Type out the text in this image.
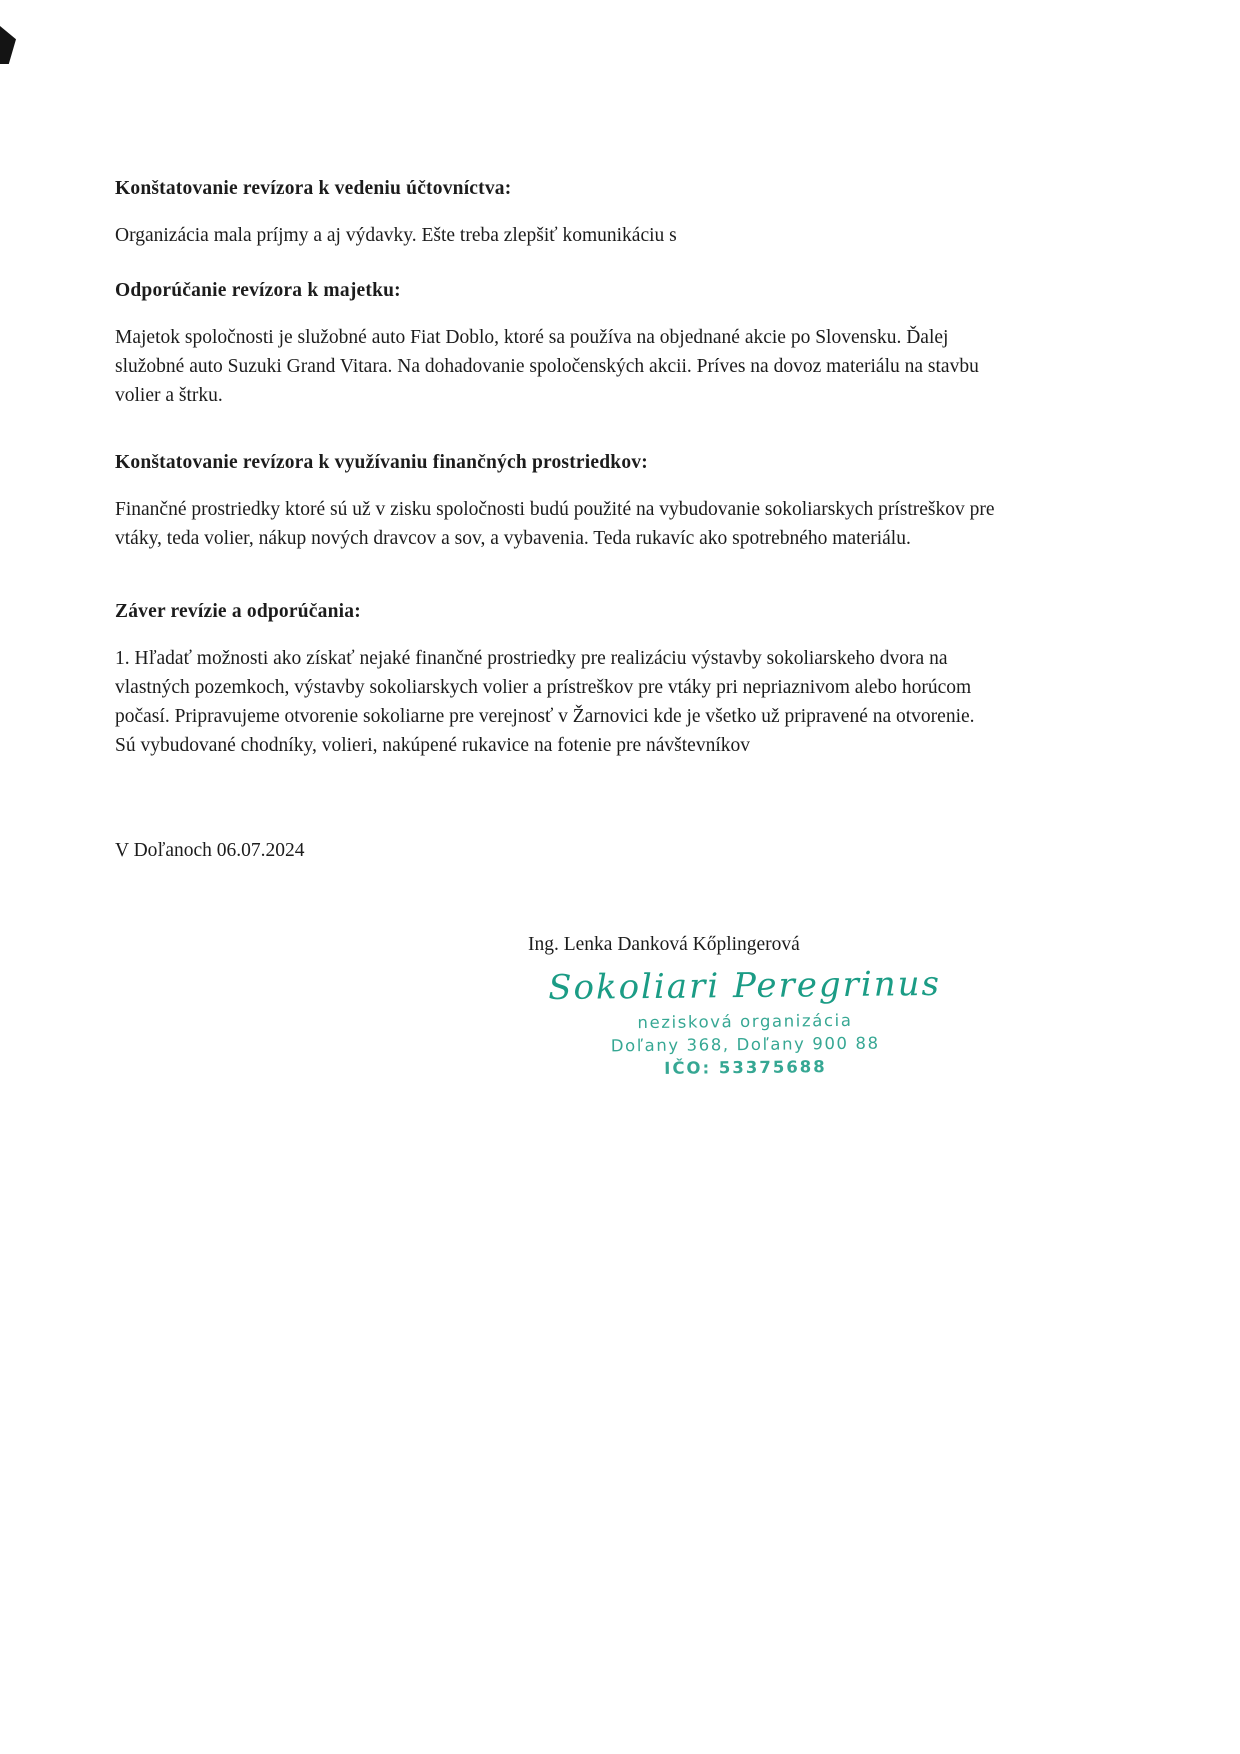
Konštatovanie revízora k vedeniu účtovníctva:

Organizácia mala príjmy a aj výdavky. Ešte treba zlepšiť komunikáciu s

Odporúčanie revízora k majetku:

Majetok spoločnosti je služobné auto Fiat Doblo, ktoré sa používa na objednané akcie po Slovensku. Ďalej služobné auto Suzuki Grand Vitara. Na dohadovanie spoločenských akcii. Príves na dovoz materiálu na stavbu volier a štrku.

Konštatovanie revízora k využívaniu finančných prostriedkov:

Finančné prostriedky ktoré sú už v zisku spoločnosti budú použité na vybudovanie sokoliarskych prístreškov pre vtáky, teda volier, nákup nových dravcov a sov, a vybavenia. Teda rukavíc ako spotrebného materiálu.

Záver revízie a odporúčania:

1. Hľadať možnosti ako získať nejaké finančné prostriedky pre realizáciu výstavby sokoliarskeho dvora na vlastných pozemkoch, výstavby sokoliarskych volier a prístreškov pre vtáky pri nepriaznivom alebo horúcom počasí. Pripravujeme otvorenie sokoliarne pre verejnosť v Žarnovici kde je všetko už pripravené na otvorenie. Sú vybudované chodníky, volieri, nakúpené rukavice na fotenie pre návštevníkov

V Doľanoch 06.07.2024

Ing. Lenka Danková Kőplingerová

Sokoliari Peregrinus
nezisková organizácia
Doľany 368, Doľany 900 88
IČO: 53375688
